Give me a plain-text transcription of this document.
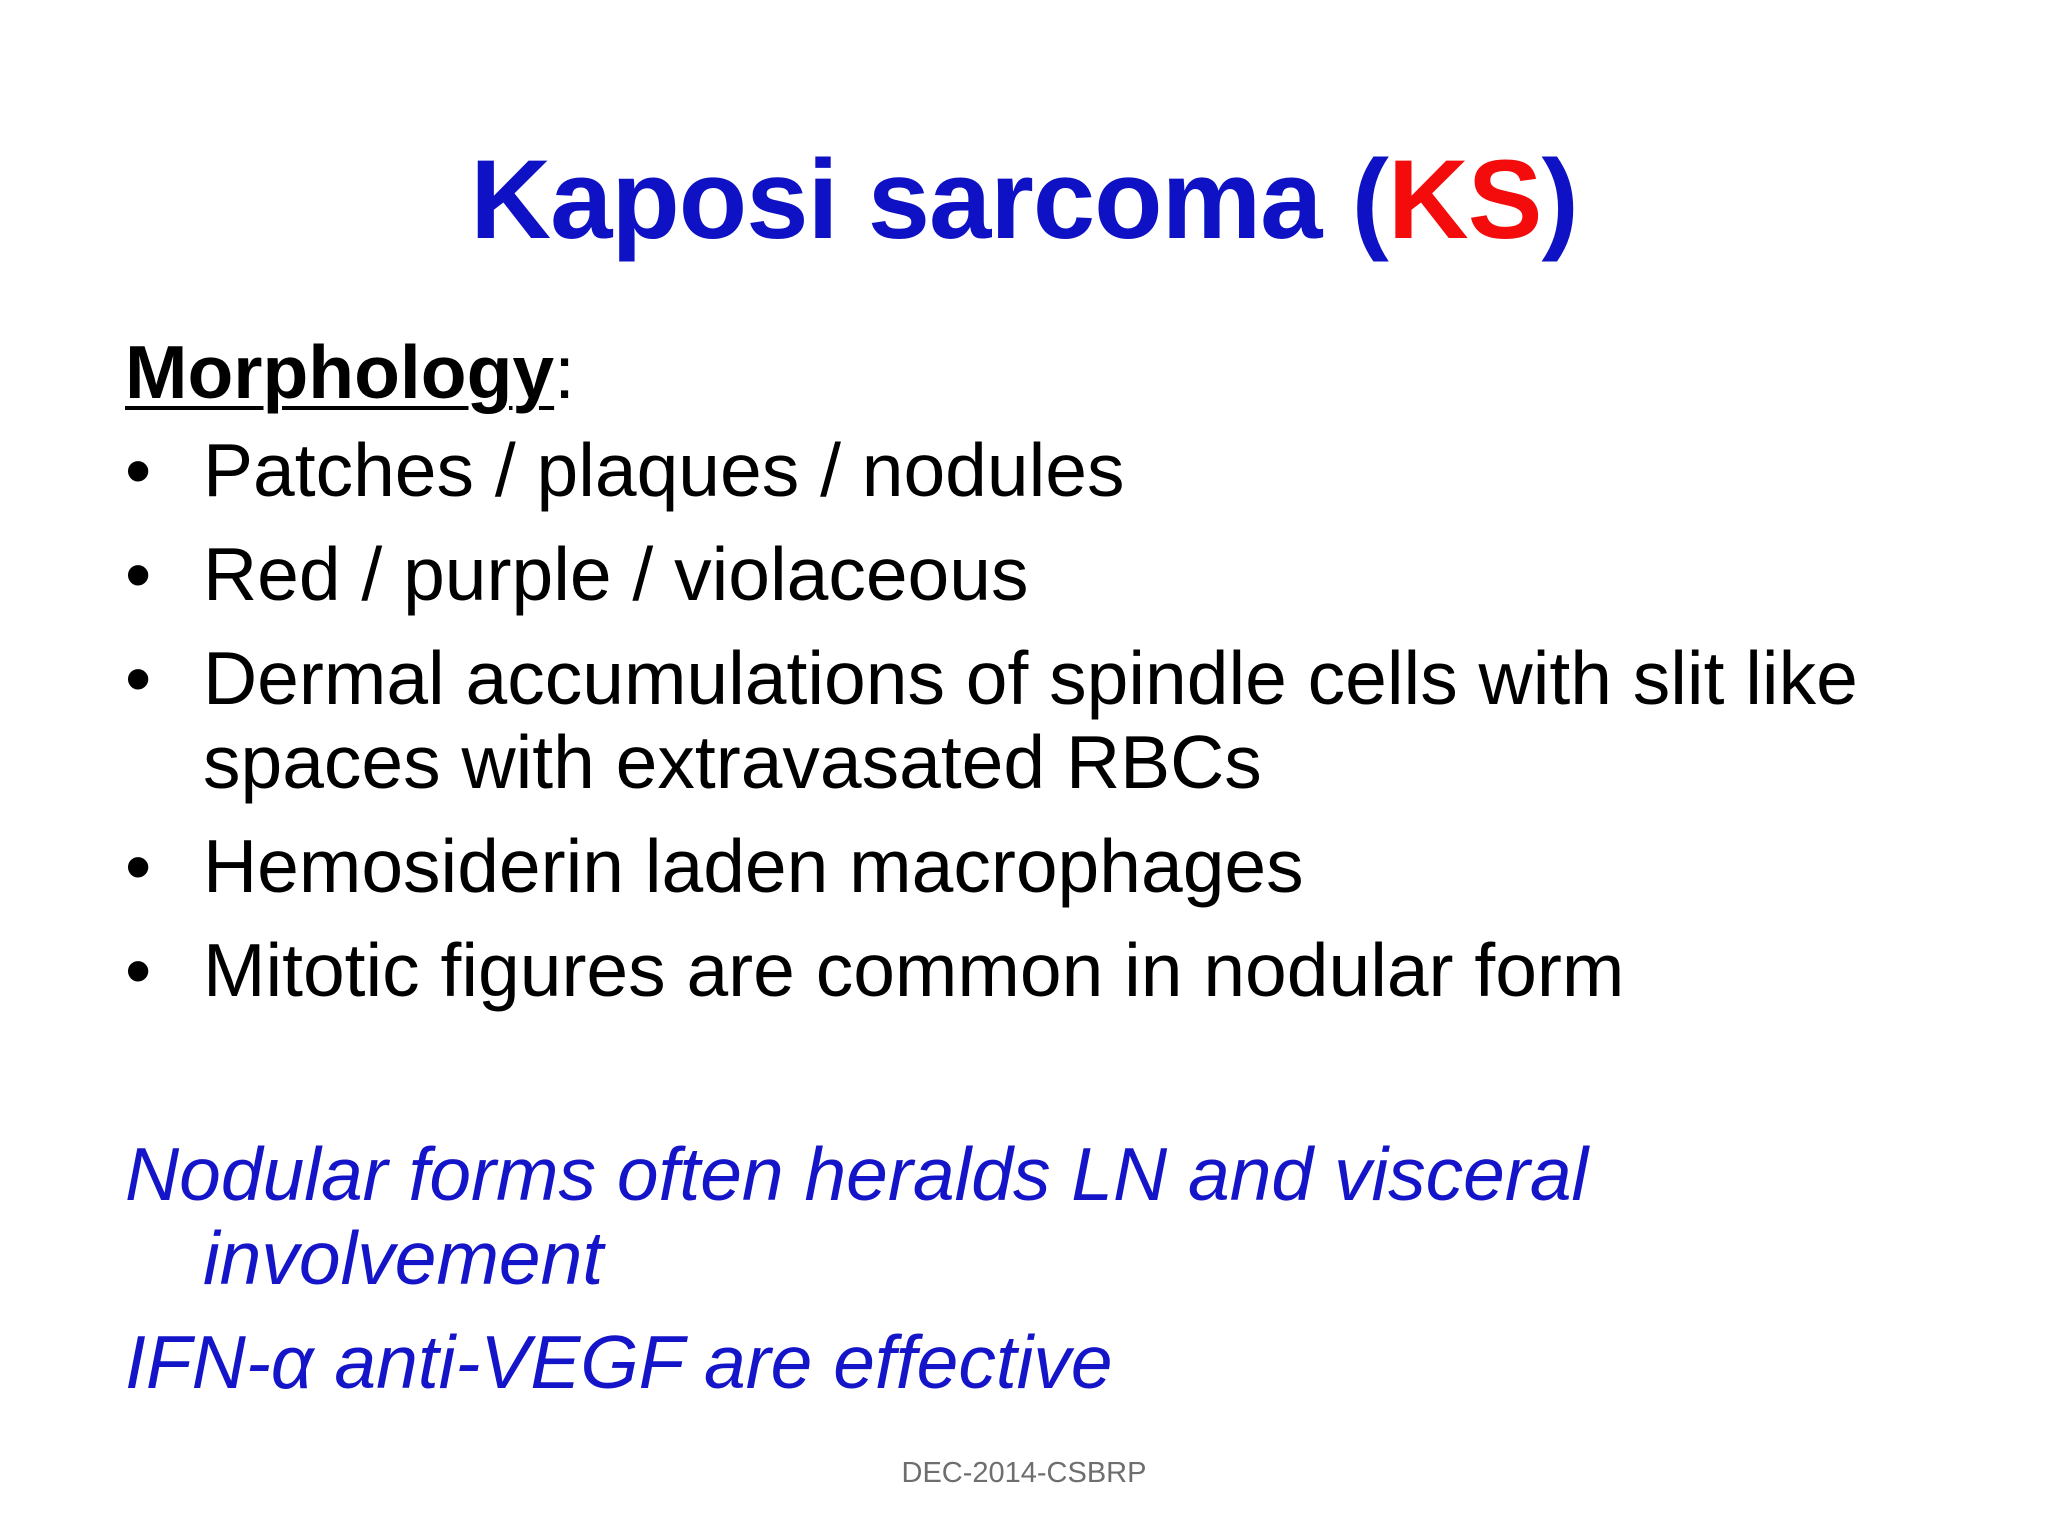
Kaposi sarcoma (KS)
Morphology:
• Patches / plaques / nodules
• Red / purple / violaceous
• Dermal accumulations of spindle cells with slit like spaces with extravasated RBCs
• Hemosiderin laden macrophages
• Mitotic figures are common in nodular form

Nodular forms often heralds LN and visceral involvement

IFN-α anti-VEGF are effective

DEC-2014-CSBRP
